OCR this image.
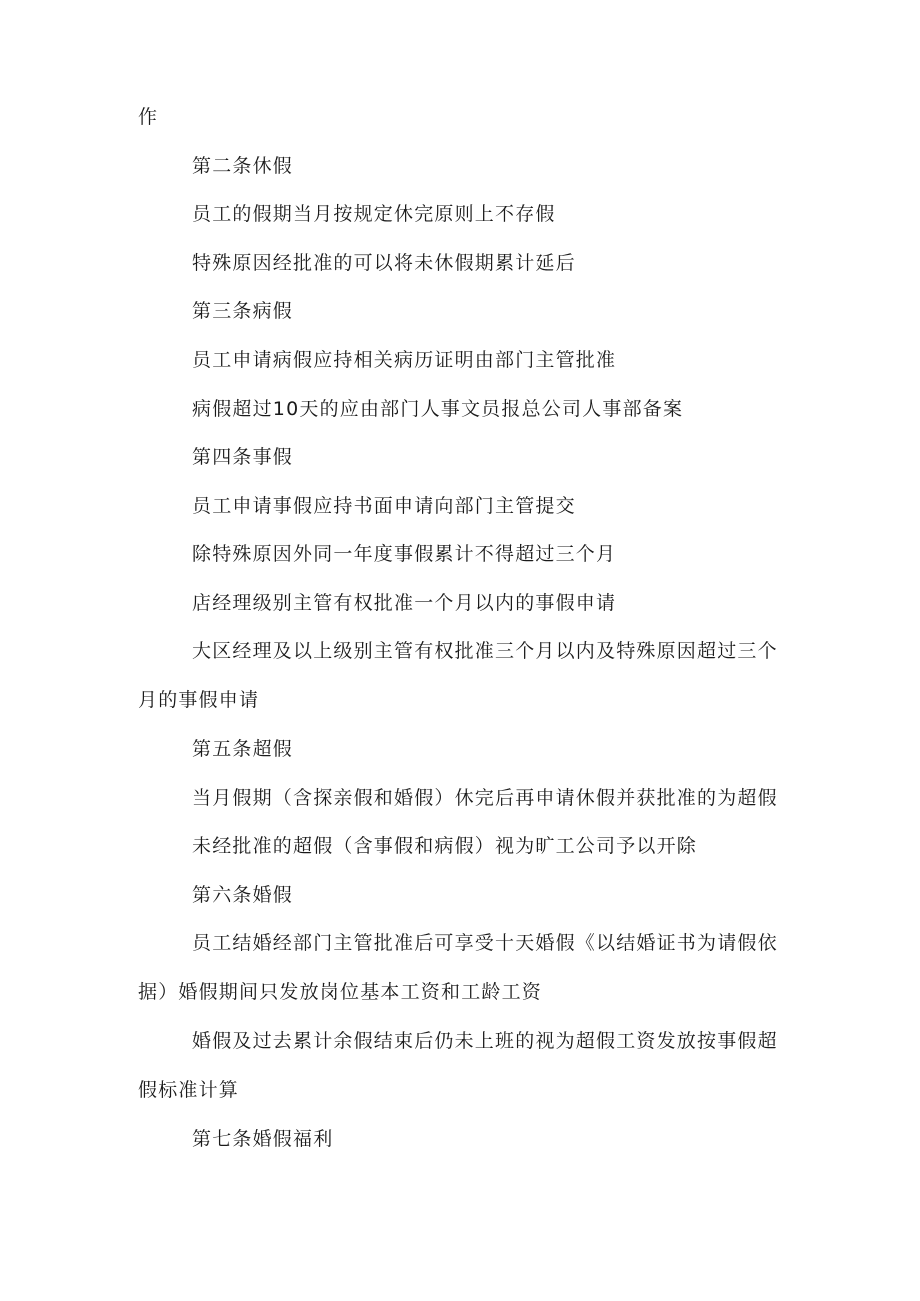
作

第二条休假

员工的假期当月按规定休完原则上不存假

特殊原因经批准的可以将未休假期累计延后

第三条病假

员工申请病假应持相关病历证明由部门主管批准

病假超过10天的应由部门人事文员报总公司人事部备案

第四条事假

员工申请事假应持书面申请向部门主管提交

除特殊原因外同一年度事假累计不得超过三个月

店经理级别主管有权批准一个月以内的事假申请

大区经理及以上级别主管有权批准三个月以内及特殊原因超过三个月的事假申请

第五条超假

当月假期（含探亲假和婚假）休完后再申请休假并获批准的为超假

未经批准的超假（含事假和病假）视为旷工公司予以开除

第六条婚假

员工结婚经部门主管批准后可享受十天婚假《以结婚证书为请假依据）婚假期间只发放岗位基本工资和工龄工资

婚假及过去累计余假结束后仍未上班的视为超假工资发放按事假超假标准计算

第七条婚假福利
